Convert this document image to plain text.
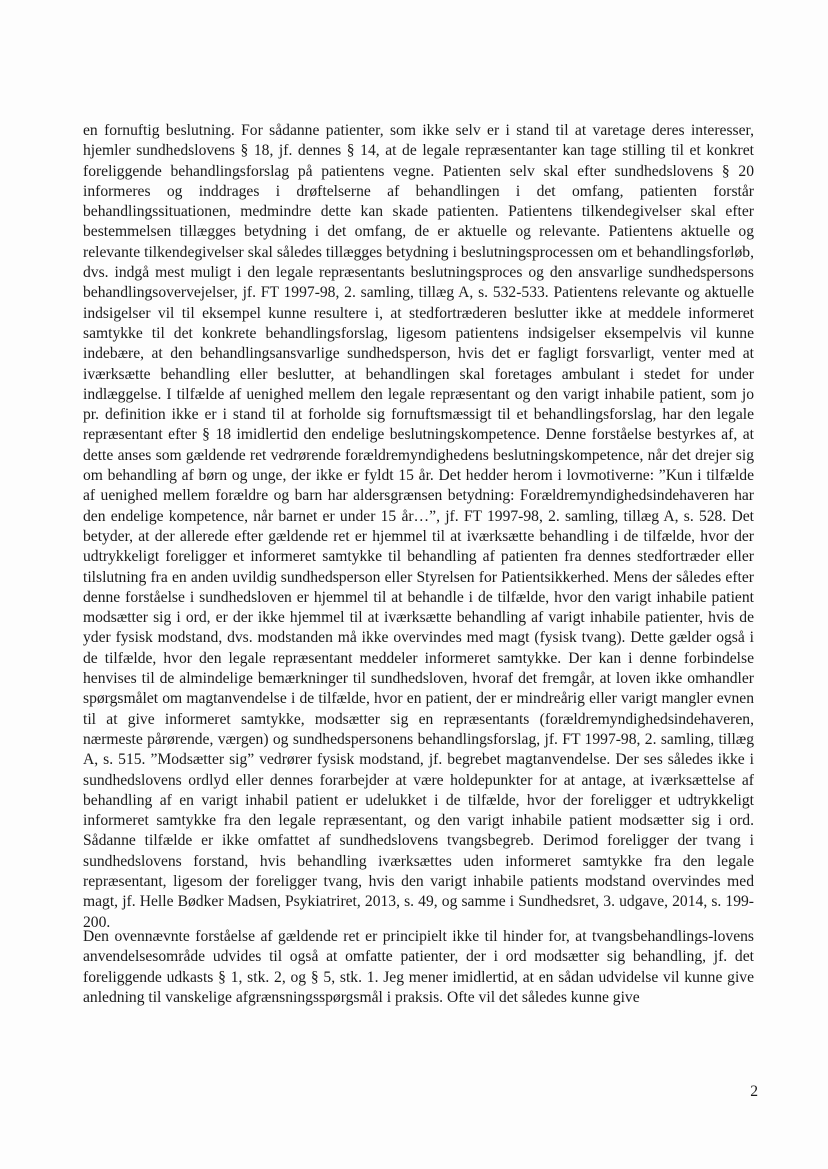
en fornuftig beslutning. For sådanne patienter, som ikke selv er i stand til at varetage deres interesser, hjemler sundhedslovens § 18, jf. dennes § 14, at de legale repræsentanter kan tage stilling til et konkret foreliggende behandlingsforslag på patientens vegne. Patienten selv skal efter sundhedslovens § 20 informeres og inddrages i drøftelserne af behandlingen i det omfang, patienten forstår behandlingssituationen, medmindre dette kan skade patienten. Patientens tilkendegivelser skal efter bestemmelsen tillægges betydning i det omfang, de er aktuelle og relevante. Patientens aktuelle og relevante tilkendegivelser skal således tillægges betydning i beslutningsprocessen om et behandlingsforløb, dvs. indgå mest muligt i den legale repræsentants beslutningsproces og den ansvarlige sundhedspersons behandlingsovervejelser, jf. FT 1997-98, 2. samling, tillæg A, s. 532-533. Patientens relevante og aktuelle indsigelser vil til eksempel kunne resultere i, at stedfortræderen beslutter ikke at meddele informeret samtykke til det konkrete behandlingsforslag, ligesom patientens indsigelser eksempelvis vil kunne indebære, at den behandlingsansvarlige sundhedsperson, hvis det er fagligt forsvarligt, venter med at iværksætte behandling eller beslutter, at behandlingen skal foretages ambulant i stedet for under indlæggelse. I tilfælde af uenighed mellem den legale repræsentant og den varigt inhabile patient, som jo pr. definition ikke er i stand til at forholde sig fornuftsmæssigt til et behandlingsforslag, har den legale repræsentant efter § 18 imidlertid den endelige beslutningskompetence. Denne forståelse bestyrkes af, at dette anses som gældende ret vedrørende forældremyndighedens beslutningskompetence, når det drejer sig om behandling af børn og unge, der ikke er fyldt 15 år. Det hedder herom i lovmotiverne: ”Kun i tilfælde af uenighed mellem forældre og barn har aldersgrænsen betydning: Forældremyndighedsindehaveren har den endelige kompetence, når barnet er under 15 år…”, jf. FT 1997-98, 2. samling, tillæg A, s. 528. Det betyder, at der allerede efter gældende ret er hjemmel til at iværksætte behandling i de tilfælde, hvor der udtrykkeligt foreligger et informeret samtykke til behandling af patienten fra dennes stedfortræder eller tilslutning fra en anden uvildig sundhedsperson eller Styrelsen for Patientsikkerhed. Mens der således efter denne forståelse i sundhedsloven er hjemmel til at behandle i de tilfælde, hvor den varigt inhabile patient modsætter sig i ord, er der ikke hjemmel til at iværksætte behandling af varigt inhabile patienter, hvis de yder fysisk modstand, dvs. modstanden må ikke overvindes med magt (fysisk tvang). Dette gælder også i de tilfælde, hvor den legale repræsentant meddeler informeret samtykke. Der kan i denne forbindelse henvises til de almindelige bemærkninger til sundhedsloven, hvoraf det fremgår, at loven ikke omhandler spørgsmålet om magtanvendelse i de tilfælde, hvor en patient, der er mindreårig eller varigt mangler evnen til at give informeret samtykke, modsætter sig en repræsentants (forældremyndighedsindehaveren, nærmeste pårørende, værgen) og sundhedspersonens behandlingsforslag, jf. FT 1997-98, 2. samling, tillæg A, s. 515. ”Modsætter sig” vedrører fysisk modstand, jf. begrebet magtanvendelse. Der ses således ikke i sundhedslovens ordlyd eller dennes forarbejder at være holdepunkter for at antage, at iværksættelse af behandling af en varigt inhabil patient er udelukket i de tilfælde, hvor der foreligger et udtrykkeligt informeret samtykke fra den legale repræsentant, og den varigt inhabile patient modsætter sig i ord. Sådanne tilfælde er ikke omfattet af sundhedslovens tvangsbegreb. Derimod foreligger der tvang i sundhedslovens forstand, hvis behandling iværksættes uden informeret samtykke fra den legale repræsentant, ligesom der foreligger tvang, hvis den varigt inhabile patients modstand overvindes med magt, jf. Helle Bødker Madsen, Psykiatriret, 2013, s. 49, og samme i Sundhedsret, 3. udgave, 2014, s. 199-200.

Den ovennævnte forståelse af gældende ret er principielt ikke til hinder for, at tvangsbehandlings-lovens anvendelsesområde udvides til også at omfatte patienter, der i ord modsætter sig behandling, jf. det foreliggende udkasts § 1, stk. 2, og § 5, stk. 1. Jeg mener imidlertid, at en sådan udvidelse vil kunne give anledning til vanskelige afgrænsningsspørgsmål i praksis. Ofte vil det således kunne give

2
